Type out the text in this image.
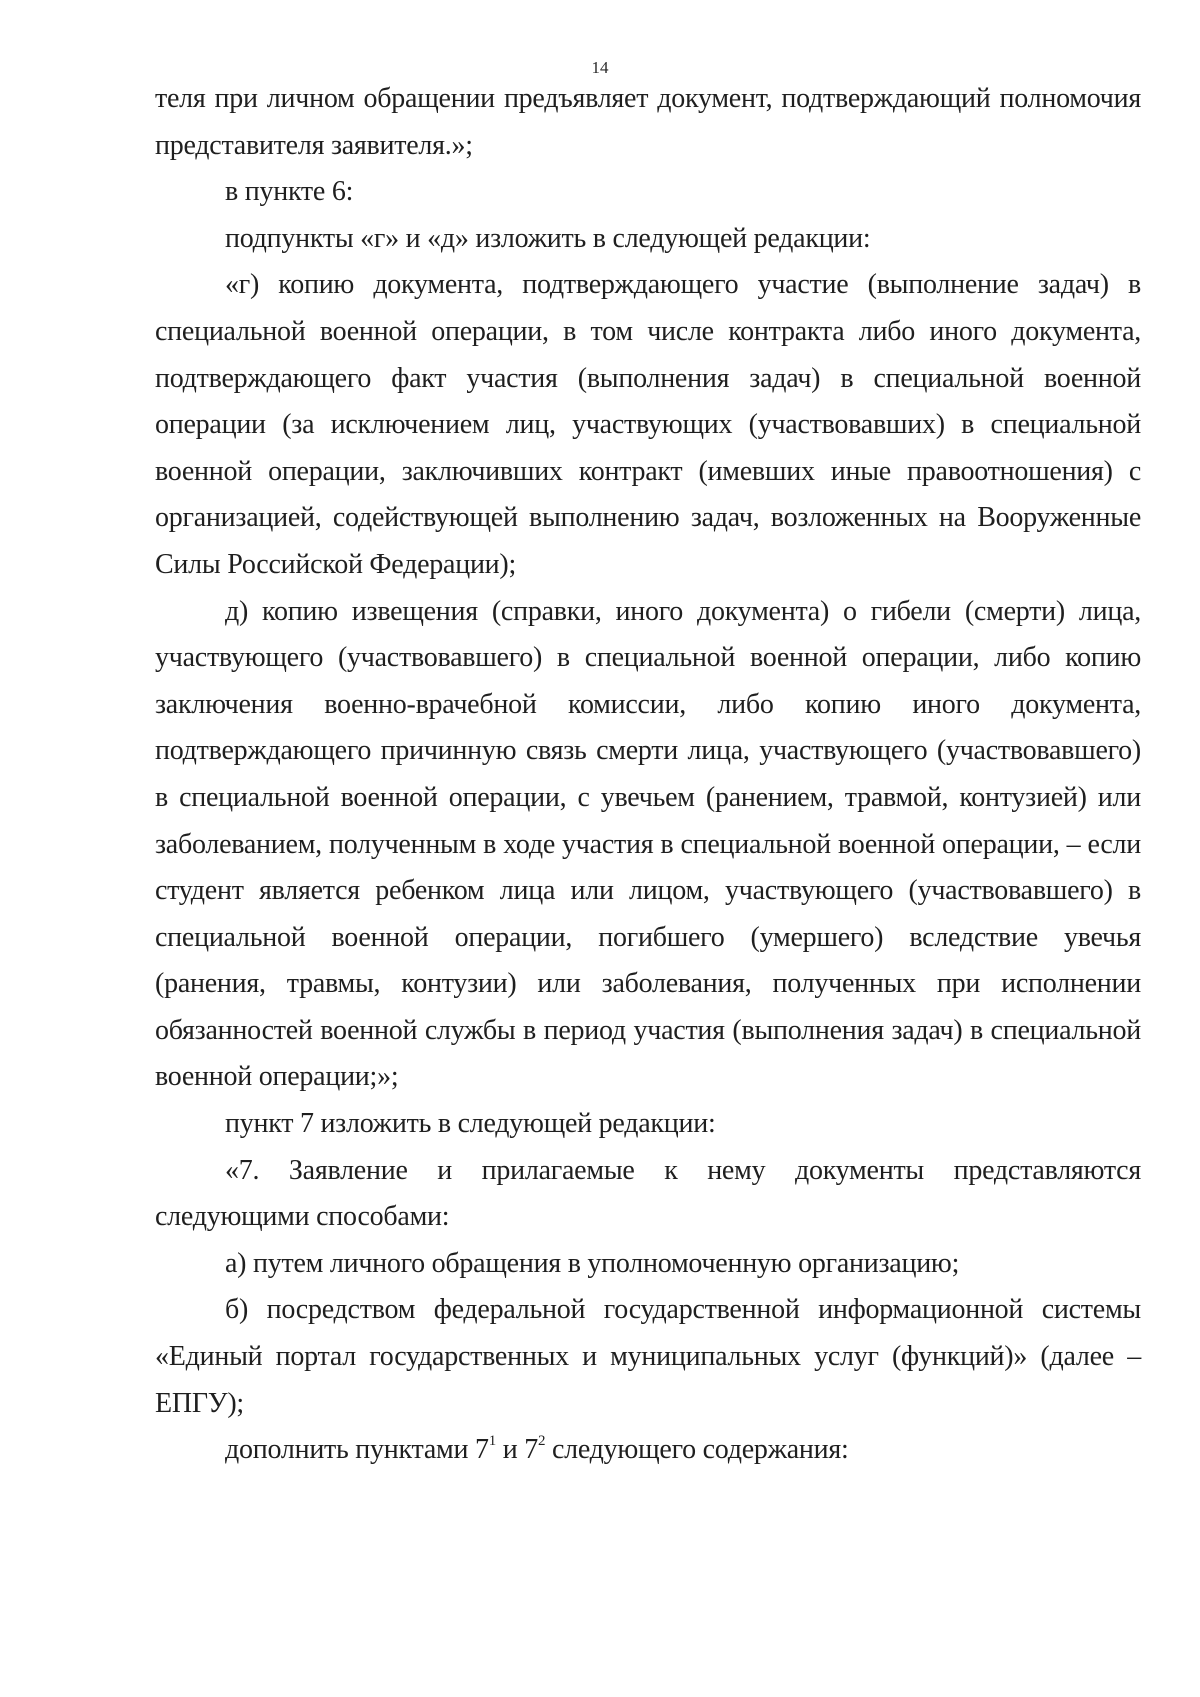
14

теля при личном обращении предъявляет документ, подтверждающий полномочия представителя заявителя.»;

в пункте 6:

подпункты «г» и «д» изложить в следующей редакции:

«г) копию документа, подтверждающего участие (выполнение задач) в специальной военной операции, в том числе контракта либо иного документа, подтверждающего факт участия (выполнения задач) в специальной военной операции (за исключением лиц, участвующих (участвовавших) в специальной военной операции, заключивших контракт (имевших иные правоотношения) с организацией, содействующей выполнению задач, возложенных на Вооруженные Силы Российской Федерации);

д) копию извещения (справки, иного документа) о гибели (смерти) лица, участвующего (участвовавшего) в специальной военной операции, либо копию заключения военно-врачебной комиссии, либо копию иного документа, подтверждающего причинную связь смерти лица, участвующего (участвовавшего) в специальной военной операции, с увечьем (ранением, травмой, контузией) или заболеванием, полученным в ходе участия в специальной военной операции, – если студент является ребенком лица или лицом, участвующего (участвовавшего) в специальной военной операции, погибшего (умершего) вследствие увечья (ранения, травмы, контузии) или заболевания, полученных при исполнении обязанностей военной службы в период участия (выполнения задач) в специальной военной операции;»;

пункт 7 изложить в следующей редакции:

«7. Заявление и прилагаемые к нему документы представляются следующими способами:

а) путем личного обращения в уполномоченную организацию;

б) посредством федеральной государственной информационной системы «Единый портал государственных и муниципальных услуг (функций)» (далее – ЕПГУ);

дополнить пунктами $7^1$ и $7^2$ следующего содержания:
